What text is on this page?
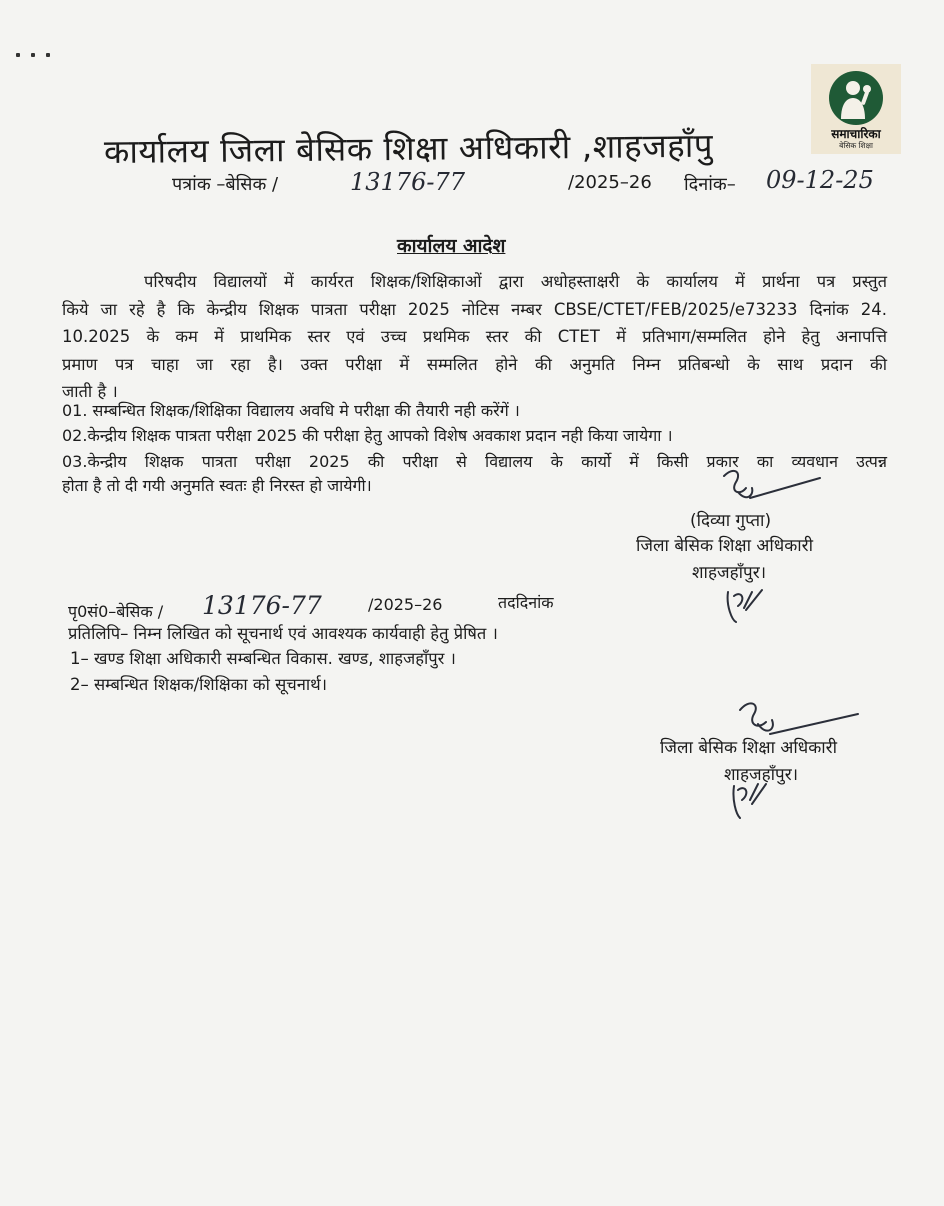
समाचारिका
बेसिक शिक्षा
कार्यालय जिला बेसिक शिक्षा अधिकारी ,शाहजहाँपु
पत्रांक –बेसिक /	13176-77	/2025–26 दिनांक– 09-12-25
कार्यालय आदेश

परिषदीय विद्यालयों में कार्यरत शिक्षक/शिक्षिकाओं द्वारा अधोहस्ताक्षरी के कार्यालय में प्रार्थना पत्र प्रस्तुत

किये जा रहे है कि केन्द्रीय शिक्षक पात्रता परीक्षा 2025 नोटिस नम्बर CBSE/CTET/FEB/2025/e73233 दिनांक 24.

10.2025 के कम में प्राथमिक स्तर एवं उच्च प्रथमिक स्तर की CTET में प्रतिभाग/सम्मलित होने हेतु अनापत्ति

प्रमाण पत्र चाहा जा रहा है। उक्त परीक्षा में सम्मलित होने की अनुमति निम्न प्रतिबन्धो के साथ प्रदान की

जाती है ।

01. सम्बन्धित शिक्षक/शिक्षिका विद्यालय अवधि मे परीक्षा की तैयारी नही करेंगें ।
02.केन्द्रीय शिक्षक पात्रता परीक्षा 2025 की परीक्षा हेतु आपको विशेष अवकाश प्रदान नही किया जायेगा ।
03.केन्द्रीय शिक्षक पात्रता परीक्षा 2025 की परीक्षा से विद्यालय के कार्यो में किसी प्रकार का व्यवधान उत्पन्न
होता है तो दी गयी अनुमति स्वतः ही निरस्त हो जायेगी।
(दिव्या गुप्ता)
जिला बेसिक शिक्षा अधिकारी
शाहजहाँपुर।
पृ0सं0–बेसिक / 13176-77	/2025–26	तददिनांक
प्रतिलिपि– निम्न लिखित को सूचनार्थ एवं आवश्यक कार्यवाही हेतु प्रेषित ।
1– खण्ड शिक्षा अधिकारी सम्बन्धित विकास. खण्ड, शाहजहाँपुर ।
2– सम्बन्धित शिक्षक/शिक्षिका को सूचनार्थ।
जिला बेसिक शिक्षा अधिकारी
शाहजहाँपुर।
